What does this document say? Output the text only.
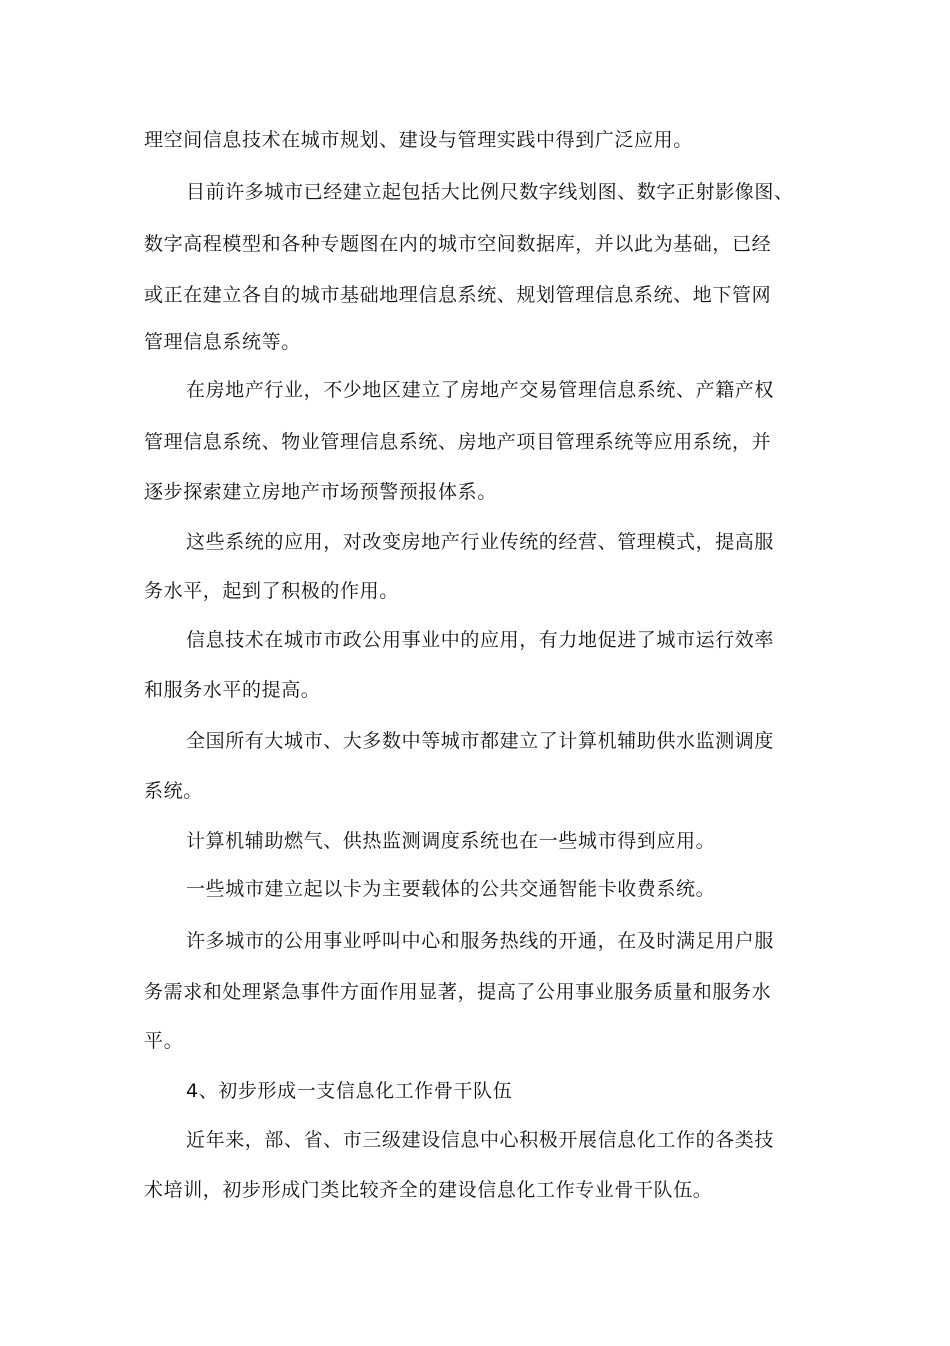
理空间信息技术在城市规划、建设与管理实践中得到广泛应用。
目前许多城市已经建立起包括大比例尺数字线划图、数字正射影像图、
数字高程模型和各种专题图在内的城市空间数据库，并以此为基础，已经
或正在建立各自的城市基础地理信息系统、规划管理信息系统、地下管网
管理信息系统等。
在房地产行业，不少地区建立了房地产交易管理信息系统、产籍产权
管理信息系统、物业管理信息系统、房地产项目管理系统等应用系统，并
逐步探索建立房地产市场预警预报体系。
这些系统的应用，对改变房地产行业传统的经营、管理模式，提高服
务水平，起到了积极的作用。
信息技术在城市市政公用事业中的应用，有力地促进了城市运行效率
和服务水平的提高。
全国所有大城市、大多数中等城市都建立了计算机辅助供水监测调度
系统。
计算机辅助燃气、供热监测调度系统也在一些城市得到应用。
一些城市建立起以卡为主要载体的公共交通智能卡收费系统。
许多城市的公用事业呼叫中心和服务热线的开通，在及时满足用户服
务需求和处理紧急事件方面作用显著，提高了公用事业服务质量和服务水
平。
4、初步形成一支信息化工作骨干队伍
近年来，部、省、市三级建设信息中心积极开展信息化工作的各类技
术培训，初步形成门类比较齐全的建设信息化工作专业骨干队伍。
